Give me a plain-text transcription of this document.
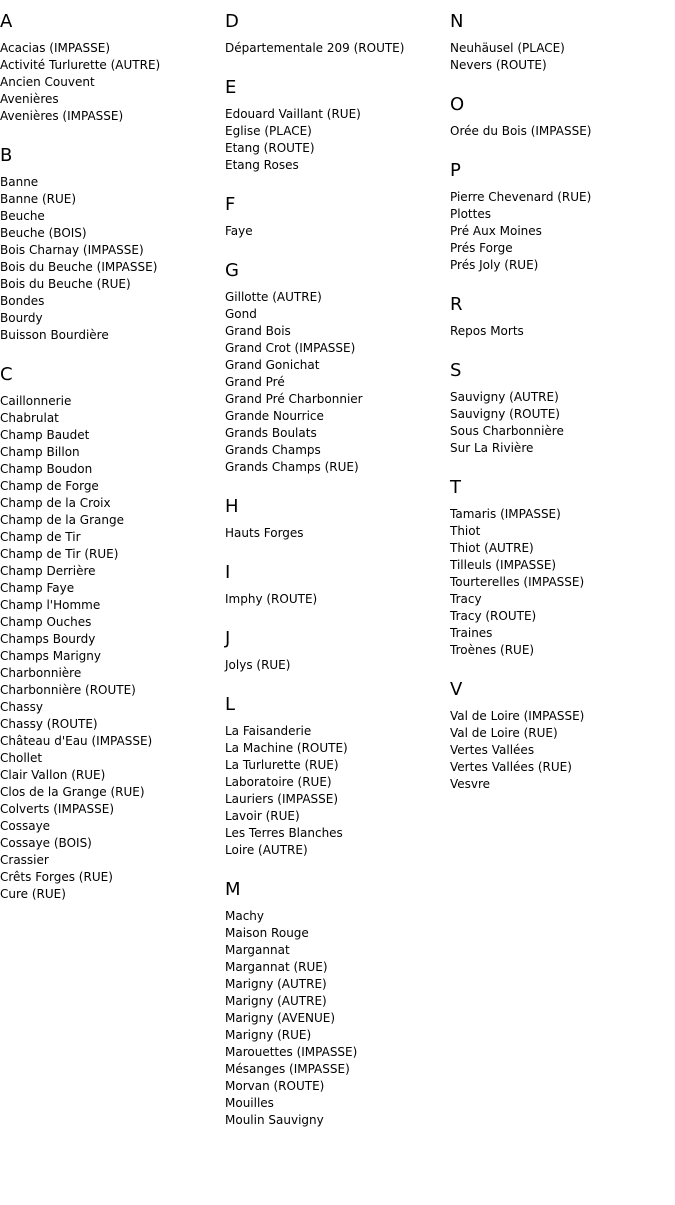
A
Acacias (IMPASSE)
Activité Turlurette (AUTRE)
Ancien Couvent
Avenières
Avenières (IMPASSE)
B
Banne
Banne (RUE)
Beuche
Beuche (BOIS)
Bois Charnay (IMPASSE)
Bois du Beuche (IMPASSE)
Bois du Beuche (RUE)
Bondes
Bourdy
Buisson Bourdière
C
Caillonnerie
Chabrulat
Champ Baudet
Champ Billon
Champ Boudon
Champ de Forge
Champ de la Croix
Champ de la Grange
Champ de Tir
Champ de Tir (RUE)
Champ Derrière
Champ Faye
Champ l'Homme
Champ Ouches
Champs Bourdy
Champs Marigny
Charbonnière
Charbonnière (ROUTE)
Chassy
Chassy (ROUTE)
Château d'Eau (IMPASSE)
Chollet
Clair Vallon (RUE)
Clos de la Grange (RUE)
Colverts (IMPASSE)
Cossaye
Cossaye (BOIS)
Crassier
Crêts Forges (RUE)
Cure (RUE)
D
Départementale 209 (ROUTE)
E
Edouard Vaillant (RUE)
Eglise (PLACE)
Etang (ROUTE)
Etang Roses
F
Faye
G
Gillotte (AUTRE)
Gond
Grand Bois
Grand Crot (IMPASSE)
Grand Gonichat
Grand Pré
Grand Pré Charbonnier
Grande Nourrice
Grands Boulats
Grands Champs
Grands Champs (RUE)
H
Hauts Forges
I
Imphy (ROUTE)
J
Jolys (RUE)
L
La Faisanderie
La Machine (ROUTE)
La Turlurette (RUE)
Laboratoire (RUE)
Lauriers (IMPASSE)
Lavoir (RUE)
Les Terres Blanches
Loire (AUTRE)
M
Machy
Maison Rouge
Margannat
Margannat (RUE)
Marigny (AUTRE)
Marigny (AUTRE)
Marigny (AVENUE)
Marigny (RUE)
Marouettes (IMPASSE)
Mésanges (IMPASSE)
Morvan (ROUTE)
Mouilles
Moulin Sauvigny
N
Neuhäusel (PLACE)
Nevers (ROUTE)
O
Orée du Bois (IMPASSE)
P
Pierre Chevenard (RUE)
Plottes
Pré Aux Moines
Prés Forge
Prés Joly (RUE)
R
Repos Morts
S
Sauvigny (AUTRE)
Sauvigny (ROUTE)
Sous Charbonnière
Sur La Rivière
T
Tamaris (IMPASSE)
Thiot
Thiot (AUTRE)
Tilleuls (IMPASSE)
Tourterelles (IMPASSE)
Tracy
Tracy (ROUTE)
Traines
Troènes (RUE)
V
Val de Loire (IMPASSE)
Val de Loire (RUE)
Vertes Vallées
Vertes Vallées (RUE)
Vesvre
